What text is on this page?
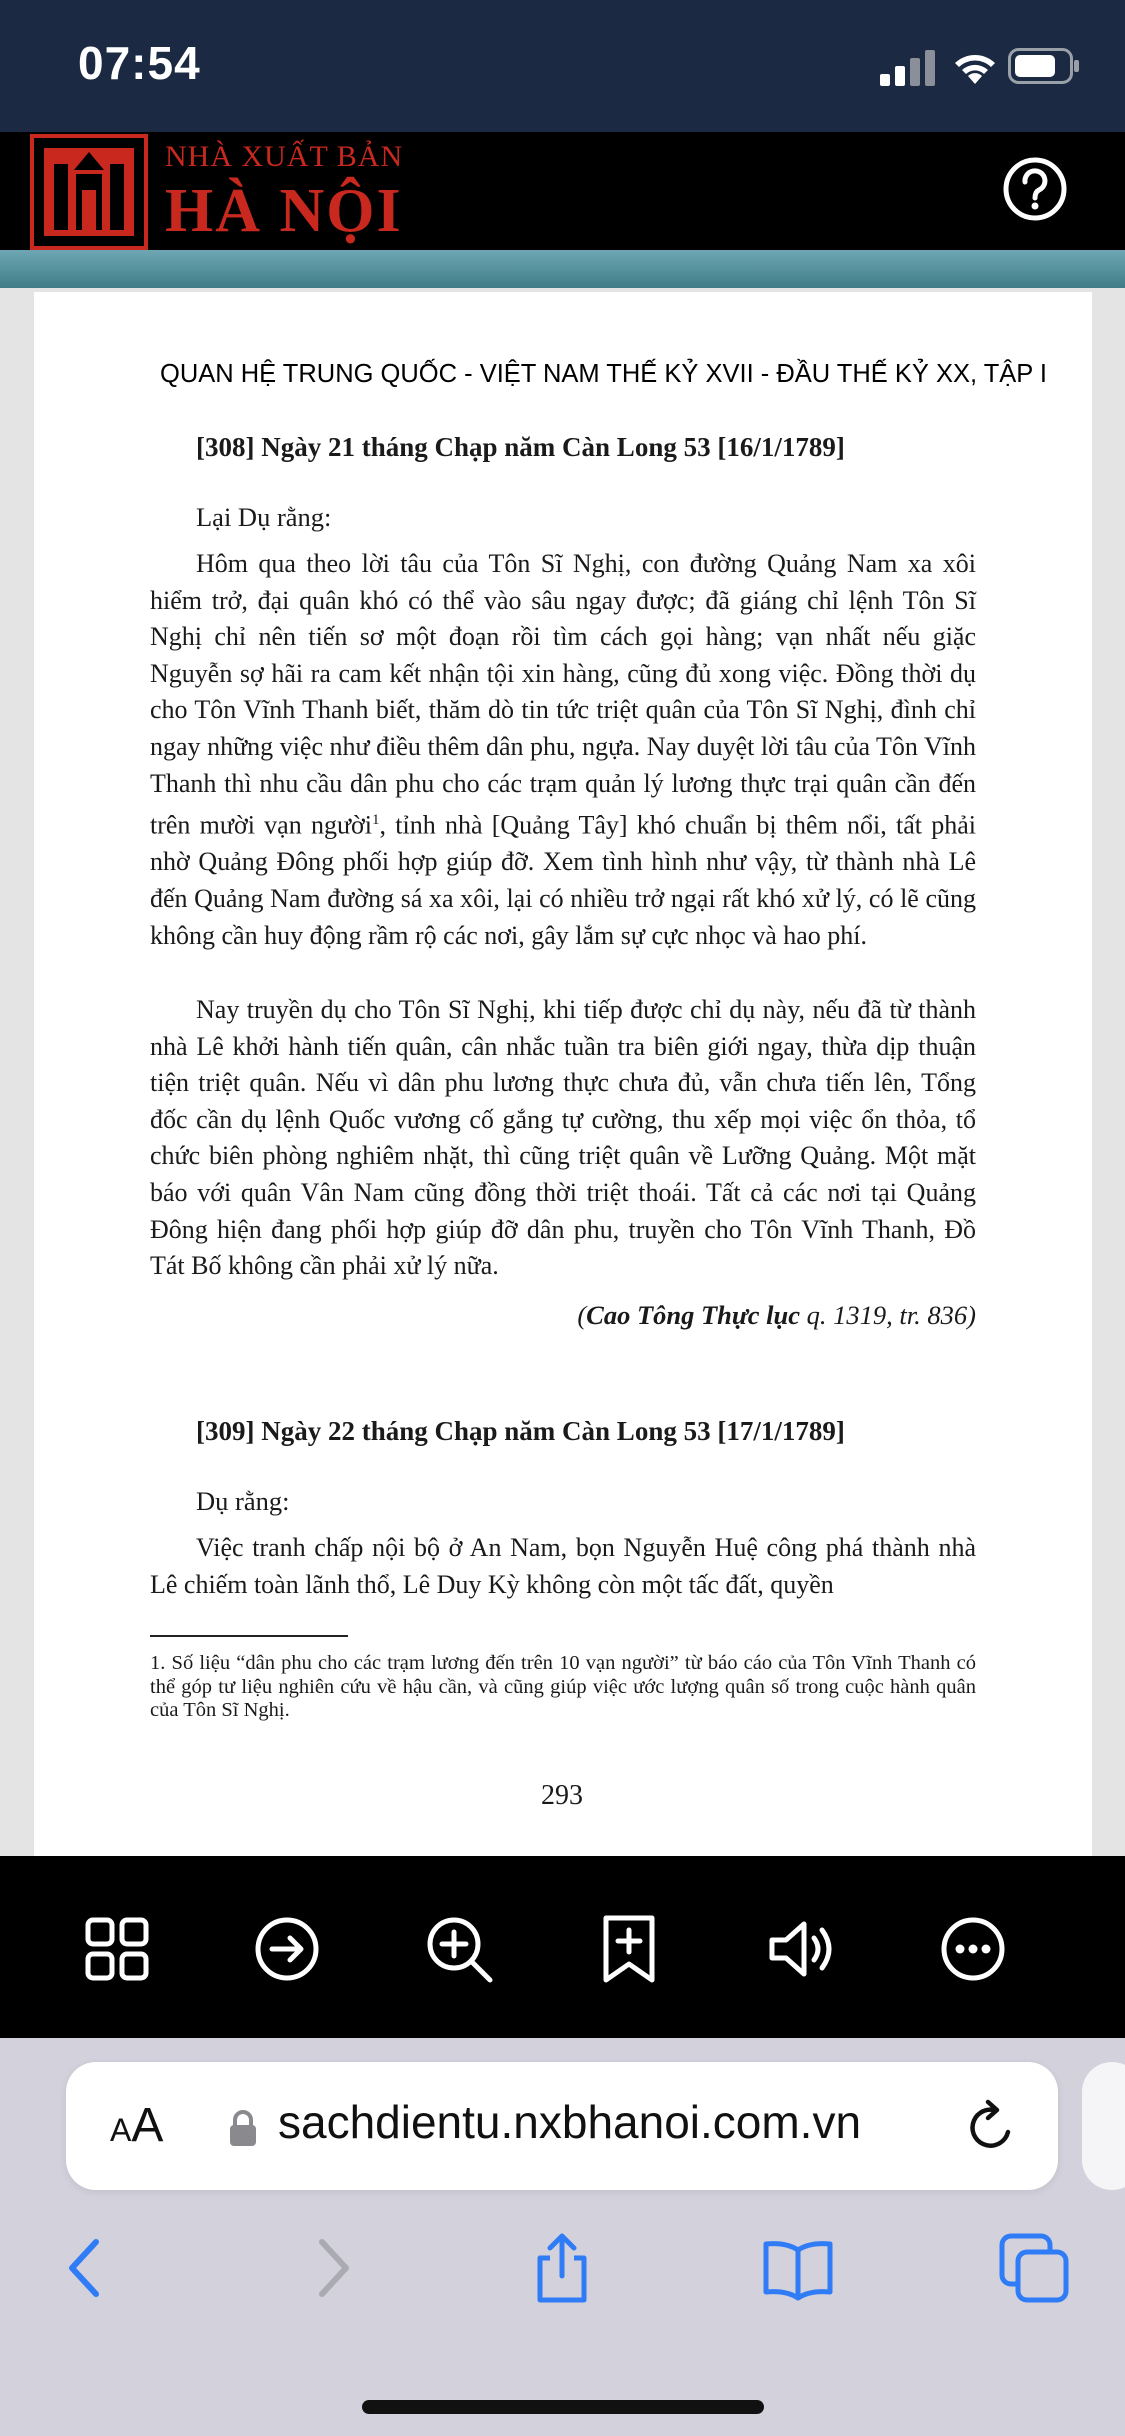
07:54
NHÀ XUẤT BẢN
HÀ NỘI
QUAN HỆ TRUNG QUỐC - VIỆT NAM THẾ KỶ XVII - ĐẦU THẾ KỶ XX, TẬP I
[308] Ngày 21 tháng Chạp năm Càn Long 53 [16/1/1789]
Lại Dụ rằng:
Hôm qua theo lời tâu của Tôn Sĩ Nghị, con đường Quảng Nam xa xôi hiểm trở, đại quân khó có thể vào sâu ngay được; đã giáng chỉ lệnh Tôn Sĩ Nghị chỉ nên tiến sơ một đoạn rồi tìm cách gọi hàng; vạn nhất nếu giặc Nguyễn sợ hãi ra cam kết nhận tội xin hàng, cũng đủ xong việc. Đồng thời dụ cho Tôn Vĩnh Thanh biết, thăm dò tin tức triệt quân của Tôn Sĩ Nghị, đình chỉ ngay những việc như điều thêm dân phu, ngựa. Nay duyệt lời tâu của Tôn Vĩnh Thanh thì nhu cầu dân phu cho các trạm quản lý lương thực trại quân cần đến trên mười vạn người$^1$, tỉnh nhà [Quảng Tây] khó chuẩn bị thêm nổi, tất phải nhờ Quảng Đông phối hợp giúp đỡ. Xem tình hình như vậy, từ thành nhà Lê đến Quảng Nam đường sá xa xôi, lại có nhiều trở ngại rất khó xử lý, có lẽ cũng không cần huy động rầm rộ các nơi, gây lắm sự cực nhọc và hao phí.
Nay truyền dụ cho Tôn Sĩ Nghị, khi tiếp được chỉ dụ này, nếu đã từ thành nhà Lê khởi hành tiến quân, cân nhắc tuần tra biên giới ngay, thừa dịp thuận tiện triệt quân. Nếu vì dân phu lương thực chưa đủ, vẫn chưa tiến lên, Tổng đốc cần dụ lệnh Quốc vương cố gắng tự cường, thu xếp mọi việc ổn thỏa, tổ chức biên phòng nghiêm nhặt, thì cũng triệt quân về Lưỡng Quảng. Một mặt báo với quân Vân Nam cũng đồng thời triệt thoái. Tất cả các nơi tại Quảng Đông hiện đang phối hợp giúp đỡ dân phu, truyền cho Tôn Vĩnh Thanh, Đồ Tát Bố không cần phải xử lý nữa.
(Cao Tông Thực lục q. 1319, tr. 836)
[309] Ngày 22 tháng Chạp năm Càn Long 53 [17/1/1789]
Dụ rằng:
Việc tranh chấp nội bộ ở An Nam, bọn Nguyễn Huệ công phá thành nhà Lê chiếm toàn lãnh thổ, Lê Duy Kỳ không còn một tấc đất, quyền
1. Số liệu “dân phu cho các trạm lương đến trên 10 vạn người” từ báo cáo của Tôn Vĩnh Thanh có thể góp tư liệu nghiên cứu về hậu cần, và cũng giúp việc ước lượng quân số trong cuộc hành quân của Tôn Sĩ Nghị.
293
AA sachdientu.nxbhanoi.com.vn
